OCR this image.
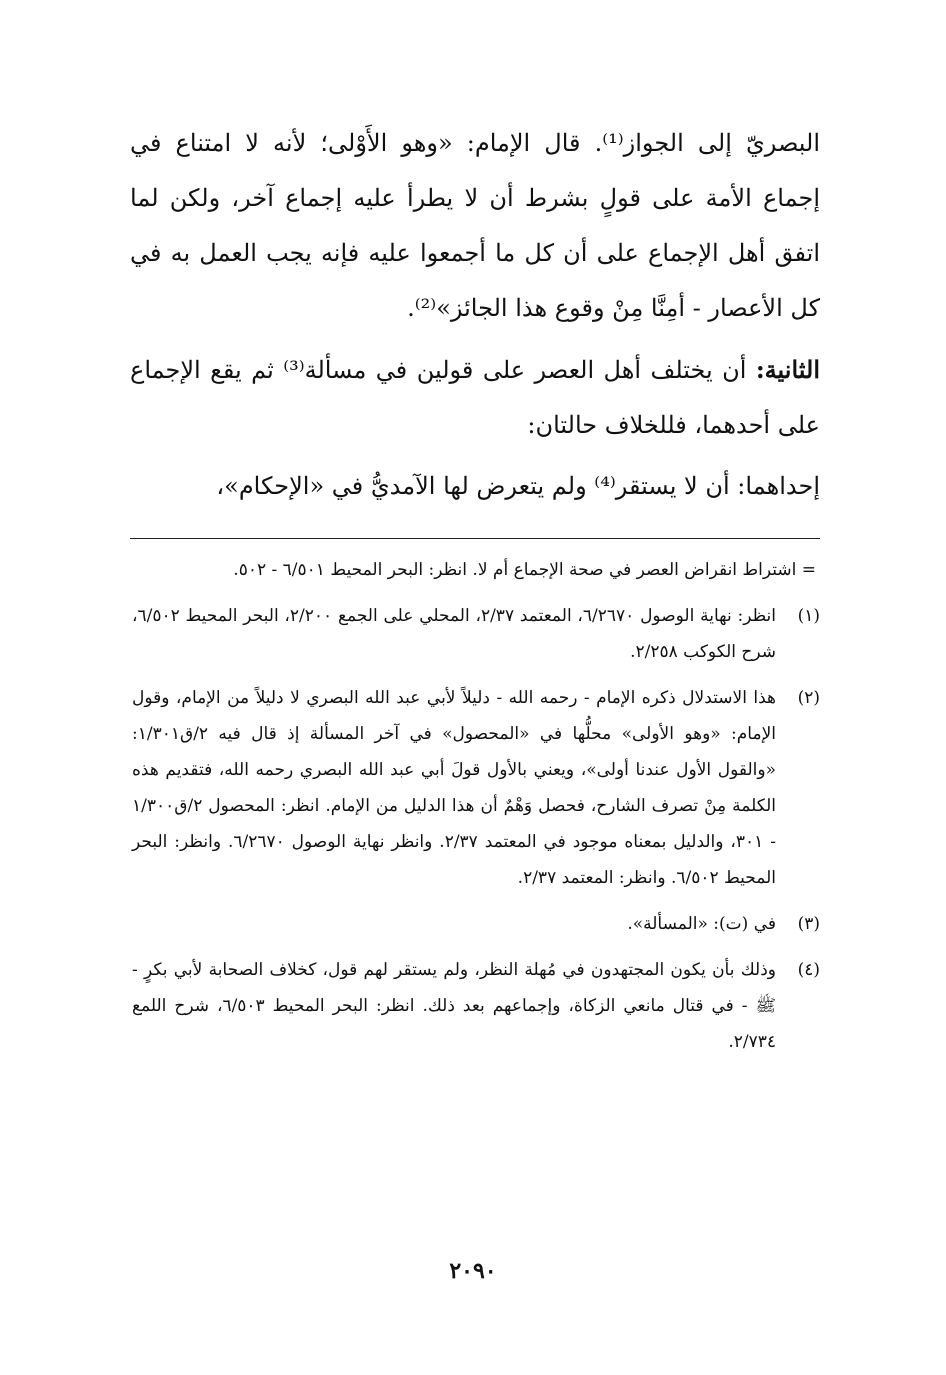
البصريّ إلى الجواز⁽¹⁾. قال الإمام: «وهو الأَوْلى؛ لأنه لا امتناع في إجماع الأمة على قولٍ بشرط أن لا يطرأ عليه إجماع آخر، ولكن لما اتفق أهل الإجماع على أن كل ما أجمعوا عليه فإنه يجب العمل به في كل الأعصار - أمِنَّا مِنْ وقوع هذا الجائز»⁽²⁾.

الثانية: أن يختلف أهل العصر على قولين في مسألة⁽³⁾ ثم يقع الإجماع على أحدهما، فللخلاف حالتان:

إحداهما: أن لا يستقر⁽⁴⁾ ولم يتعرض لها الآمديُّ في «الإحكام»،

= اشتراط انقراض العصر في صحة الإجماع أم لا. انظر: البحر المحيط ٦/٥٠١ - ٥٠٢.
(١)
انظر: نهاية الوصول ٦/٢٦٧٠، المعتمد ٢/٣٧، المحلي على الجمع ٢/٢٠٠، البحر المحيط ٦/٥٠٢، شرح الكوكب ٢/٢٥٨.
(٢)
هذا الاستدلال ذكره الإمام - رحمه الله - دليلاً لأبي عبد الله البصري لا دليلاً من الإمام، وقول الإمام: «وهو الأولى» محلُّها في «المحصول» في آخر المسألة إذ قال فيه ٢/ق١/٣٠١: «والقول الأول عندنا أولى»، ويعني بالأول قولَ أبي عبد الله البصري رحمه الله، فتقديم هذه الكلمة مِنْ تصرف الشارح، فحصل وَهْمٌ أن هذا الدليل من الإمام. انظر: المحصول ٢/ق١/٣٠٠ - ٣٠١، والدليل بمعناه موجود في المعتمد ٢/٣٧. وانظر نهاية الوصول ٦/٢٦٧٠. وانظر: البحر المحيط ٦/٥٠٢. وانظر: المعتمد ٢/٣٧.
(٣)
في (ت): «المسألة».
(٤)
وذلك بأن يكون المجتهدون في مُهلة النظر، ولم يستقر لهم قول، كخلاف الصحابة لأبي بكرٍ - ﷺ - في قتال مانعي الزكاة، وإجماعهم بعد ذلك. انظر: البحر المحيط ٦/٥٠٣، شرح اللمع ٢/٧٣٤.
٢٠٩٠
